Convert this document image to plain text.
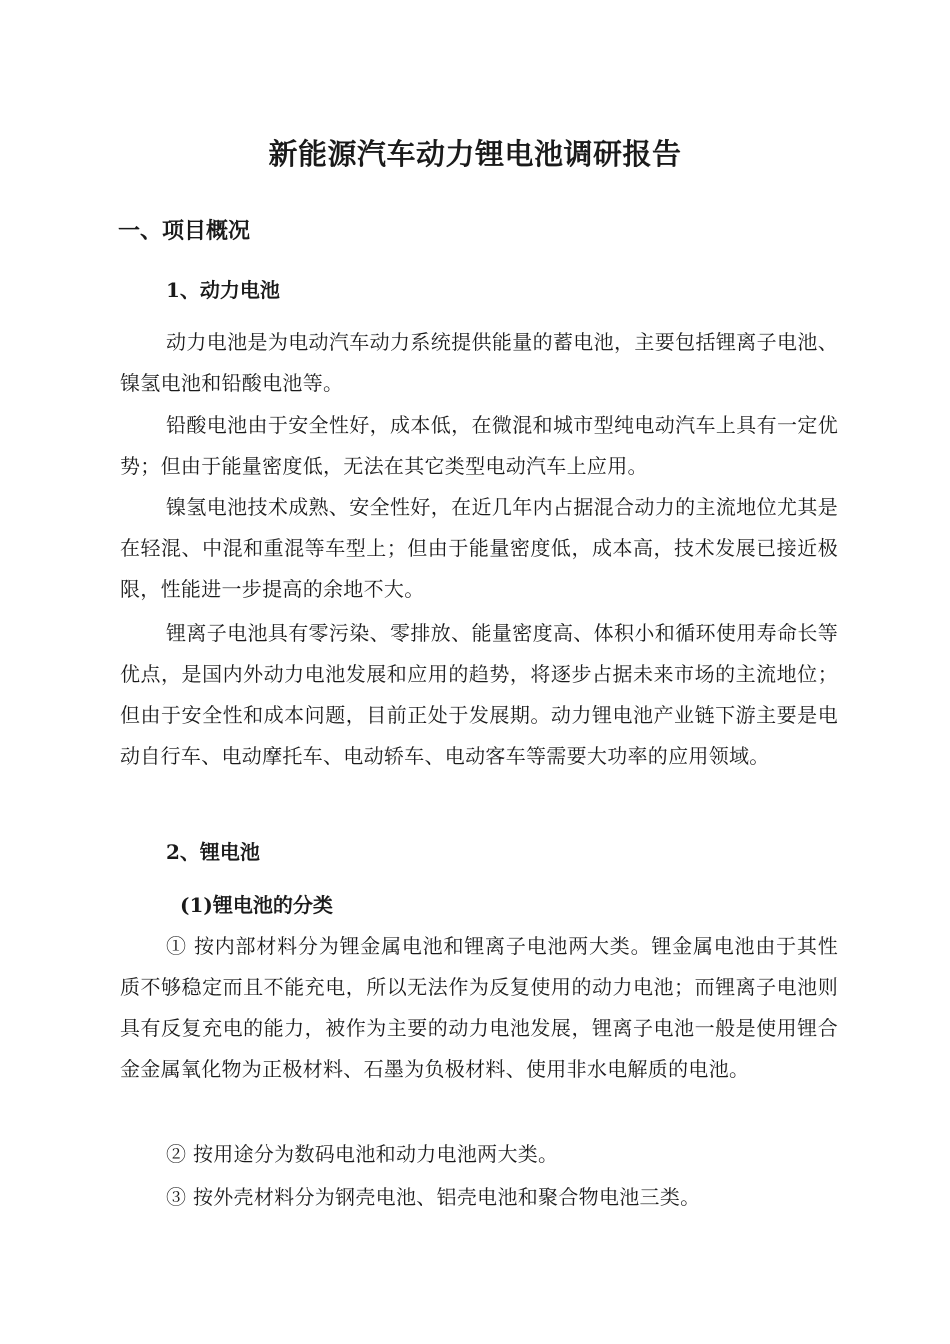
新能源汽车动力锂电池调研报告
一、项目概况
1、动力电池

动力电池是为电动汽车动力系统提供能量的蓄电池，主要包括锂离子电池、镍氢电池和铅酸电池等。

铅酸电池由于安全性好，成本低，在微混和城市型纯电动汽车上具有一定优势；但由于能量密度低，无法在其它类型电动汽车上应用。

镍氢电池技术成熟、安全性好，在近几年内占据混合动力的主流地位尤其是在轻混、中混和重混等车型上；但由于能量密度低，成本高，技术发展已接近极限，性能进一步提高的余地不大。

锂离子电池具有零污染、零排放、能量密度高、体积小和循环使用寿命长等优点，是国内外动力电池发展和应用的趋势，将逐步占据未来市场的主流地位；但由于安全性和成本问题，目前正处于发展期。动力锂电池产业链下游主要是电动自行车、电动摩托车、电动轿车、电动客车等需要大功率的应用领域。

2、锂电池
(1)锂电池的分类

① 按内部材料分为锂金属电池和锂离子电池两大类。锂金属电池由于其性质不够稳定而且不能充电，所以无法作为反复使用的动力电池；而锂离子电池则具有反复充电的能力，被作为主要的动力电池发展，锂离子电池一般是使用锂合金金属氧化物为正极材料、石墨为负极材料、使用非水电解质的电池。

② 按用途分为数码电池和动力电池两大类。

③ 按外壳材料分为钢壳电池、铝壳电池和聚合物电池三类。
